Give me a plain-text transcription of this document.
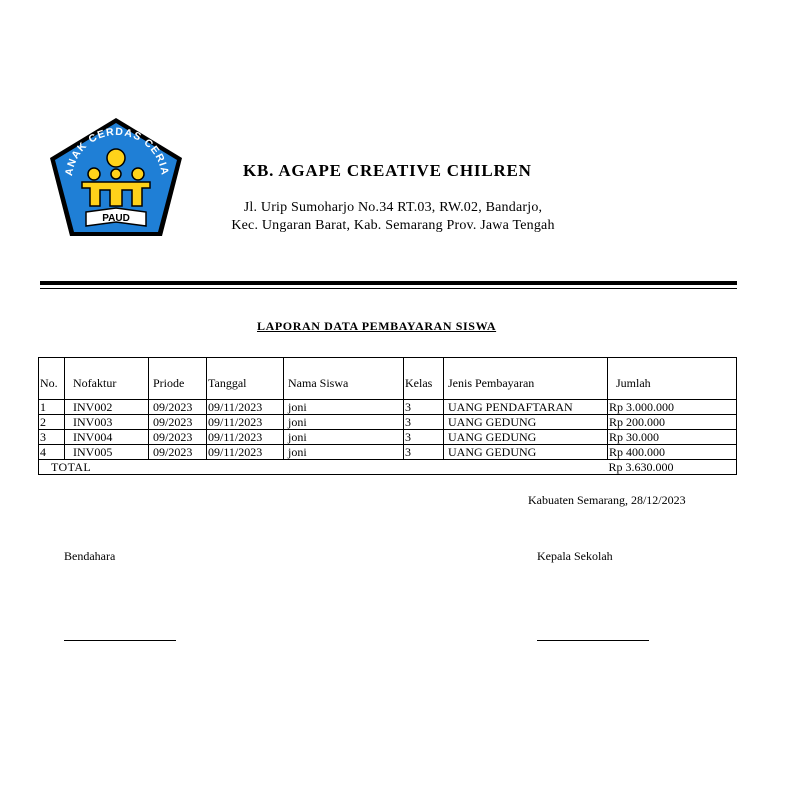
ANAK CERDAS CERIA
PAUD
KB. AGAPE CREATIVE CHILREN
Jl. Urip Sumoharjo No.34 RT.03, RW.02, Bandarjo,
Kec. Ungaran Barat, Kab. Semarang Prov. Jawa Tengah
LAPORAN DATA PEMBAYARAN SISWA
No.	Nofaktur	Priode	Tanggal	Nama Siswa	Kelas	Jenis Pembayaran	Jumlah
1	INV002	09/2023	09/11/2023	joni	3	UANG PENDAFTARAN	Rp 3.000.000
2	INV003	09/2023	09/11/2023	joni	3	UANG GEDUNG	Rp 200.000
3	INV004	09/2023	09/11/2023	joni	3	UANG GEDUNG	Rp 30.000
4	INV005	09/2023	09/11/2023	joni	3	UANG GEDUNG	Rp 400.000
TOTAL							Rp 3.630.000
Kabuaten Semarang, 28/12/2023
Bendahara	Kepala Sekolah
